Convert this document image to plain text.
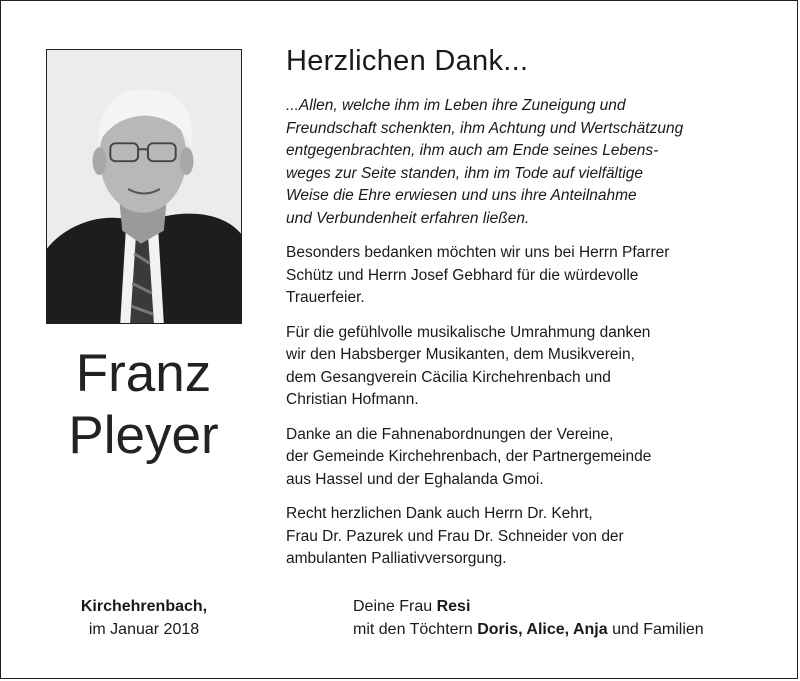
Franz
Pleyer
Herzlichen Dank...

...Allen, welche ihm im Leben ihre Zuneigung und
Freundschaft schenkten, ihm Achtung und Wertschätzung
entgegenbrachten, ihm auch am Ende seines Lebens-
weges zur Seite standen, ihm im Tode auf vielfältige
Weise die Ehre erwiesen und uns ihre Anteilnahme
und Verbundenheit erfahren ließen.

Besonders bedanken möchten wir uns bei Herrn Pfarrer
Schütz und Herrn Josef Gebhard für die würdevolle
Trauerfeier.

Für die gefühlvolle musikalische Umrahmung danken
wir den Habsberger Musikanten, dem Musikverein,
dem Gesangverein Cäcilia Kirchehrenbach und
Christian Hofmann.

Danke an die Fahnenabordnungen der Vereine,
der Gemeinde Kirchehrenbach, der Partnergemeinde
aus Hassel und der Eghalanda Gmoi.

Recht herzlichen Dank auch Herrn Dr. Kehrt,
Frau Dr. Pazurek und Frau Dr. Schneider von der
ambulanten Palliativversorgung.

Kirchehrenbach,
im Januar 2018
Deine Frau Resi
mit den Töchtern Doris, Alice, Anja und Familien
